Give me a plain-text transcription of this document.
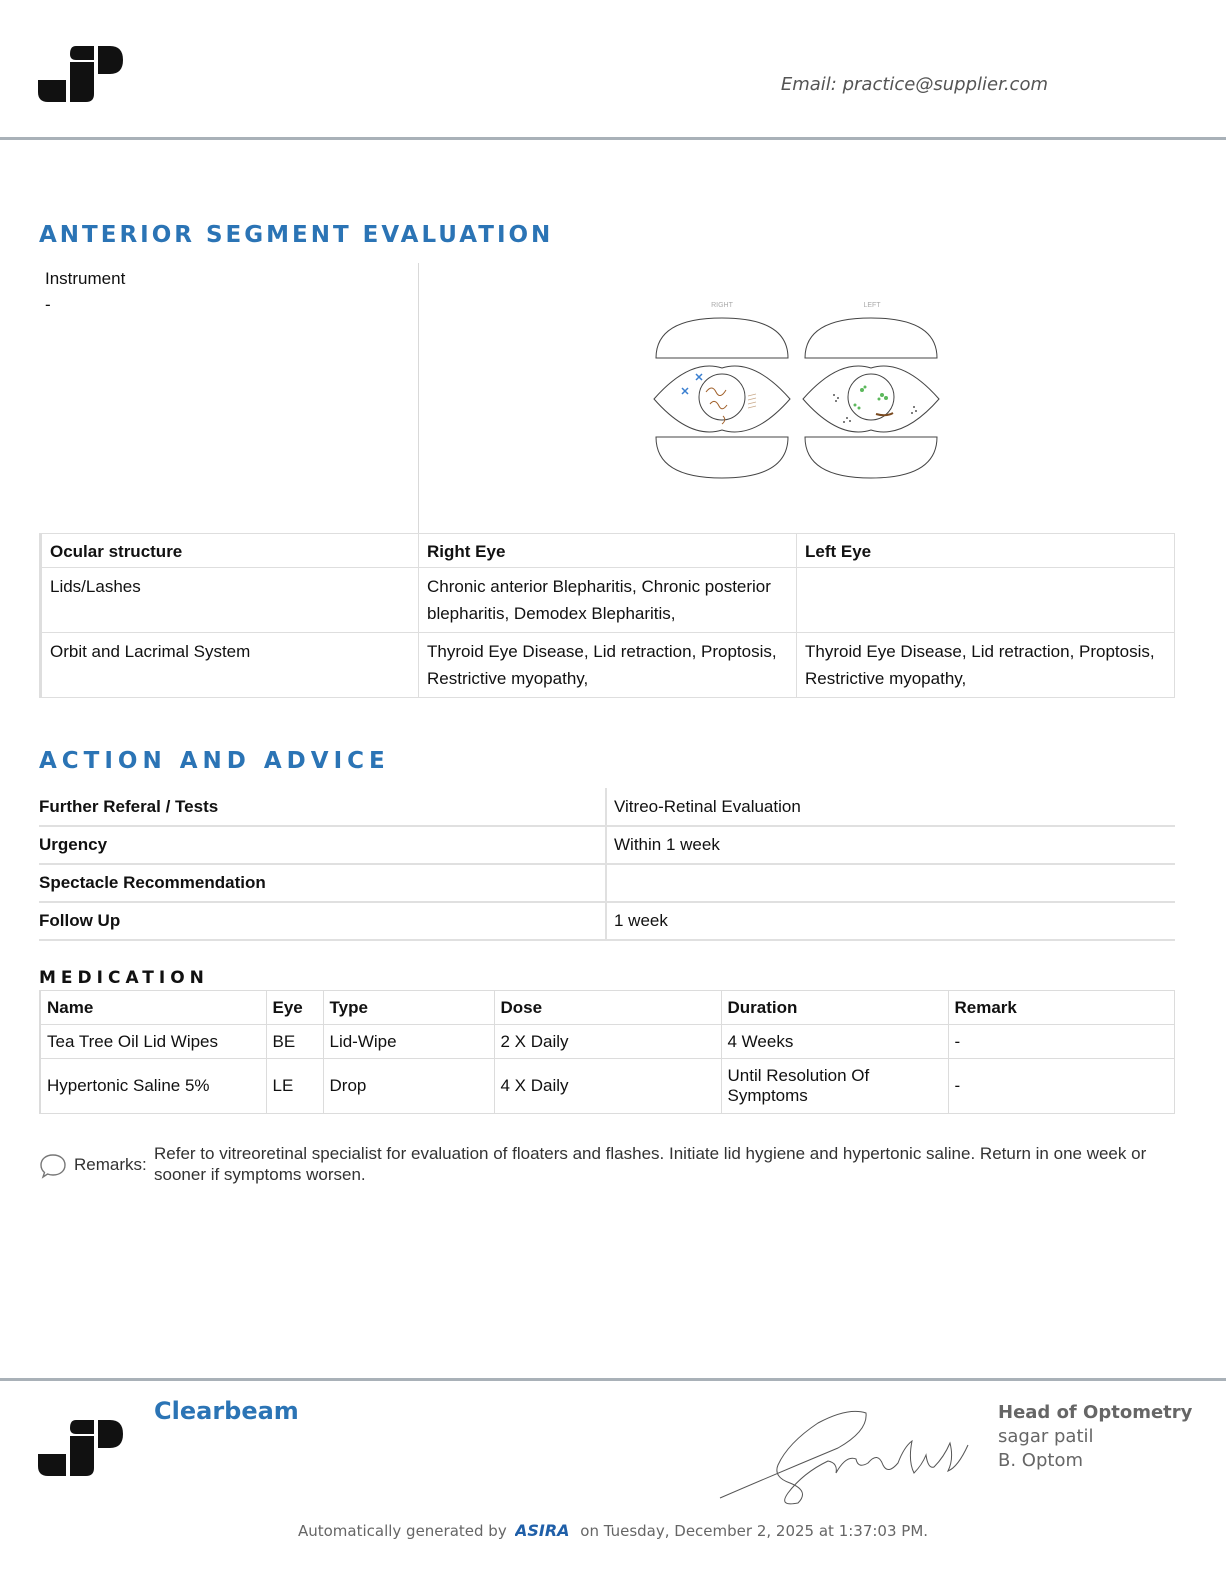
Email: practice@supplier.com
ANTERIOR SEGMENT EVALUATION
Instrument
-	RIGHT	LEFT
Ocular structure	Right Eye	Left Eye
Lids/Lashes	Chronic anterior Blepharitis, Chronic posterior blepharitis, Demodex Blepharitis,	
Orbit and Lacrimal System	Thyroid Eye Disease, Lid retraction, Proptosis, Restrictive myopathy,	Thyroid Eye Disease, Lid retraction, Proptosis, Restrictive myopathy,
ACTION AND ADVICE
Further Referal / Tests	Vitreo-Retinal Evaluation
Urgency	Within 1 week
Spectacle Recommendation	
Follow Up	1 week
MEDICATION
Name	Eye	Type	Dose	Duration	Remark
Tea Tree Oil Lid Wipes	BE	Lid-Wipe	2 X Daily	4 Weeks	-
Hypertonic Saline 5%	LE	Drop	4 X Daily	Until Resolution Of Symptoms	-
Remarks:
Refer to vitreoretinal specialist for evaluation of floaters and flashes. Initiate lid hygiene and hypertonic saline. Return in one week or sooner if symptoms worsen.
Clearbeam	Head of Optometry
sagar patil
B. Optom
Automatically generated by ASIRA on Tuesday, December 2, 2025 at 1:37:03 PM.
